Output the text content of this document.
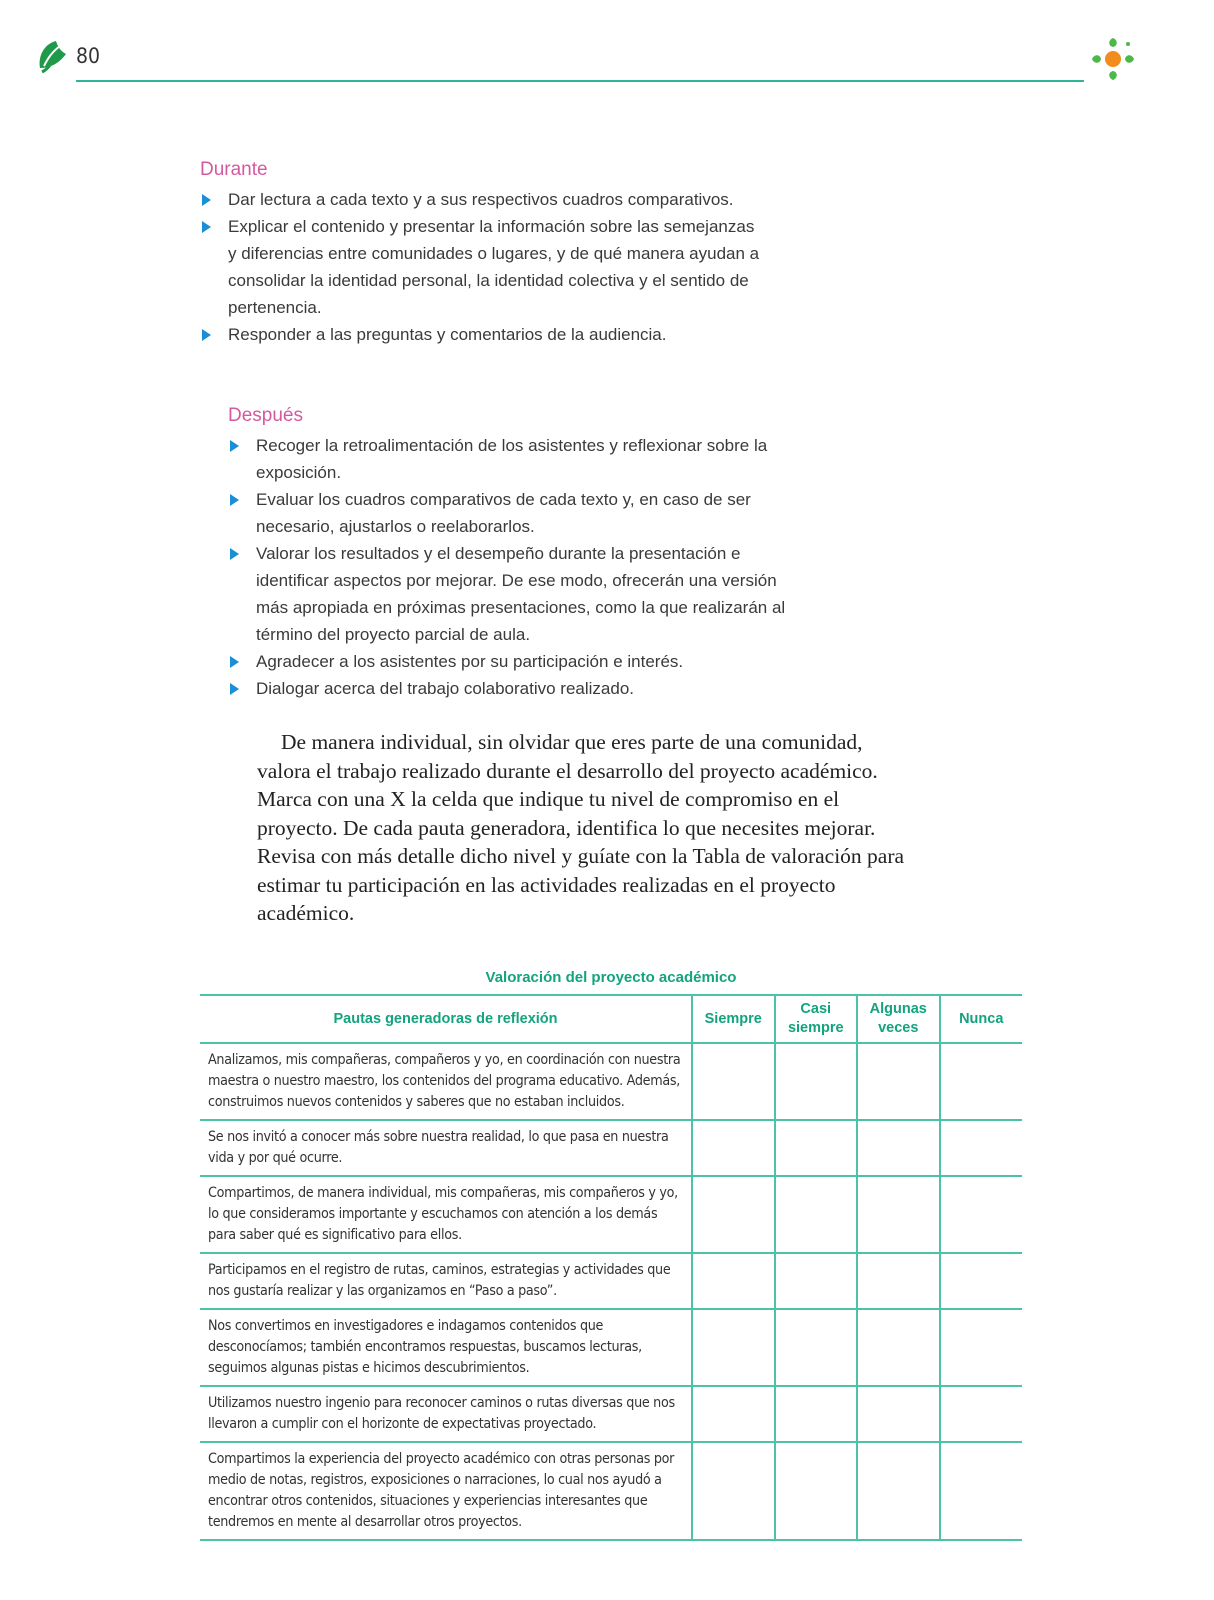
80
Durante
Dar lectura a cada texto y a sus respectivos cuadros comparativos.
Explicar el contenido y presentar la información sobre las semejanzas y diferencias entre comunidades o lugares, y de qué manera ayudan a consolidar la identidad personal, la identidad colectiva y el sentido de pertenencia.
Responder a las preguntas y comentarios de la audiencia.
Después
Recoger la retroalimentación de los asistentes y reflexionar sobre la exposición.
Evaluar los cuadros comparativos de cada texto y, en caso de ser necesario, ajustarlos o reelaborarlos.
Valorar los resultados y el desempeño durante la presentación e identificar aspectos por mejorar. De ese modo, ofrecerán una versión más apropiada en próximas presentaciones, como la que realizarán al término del proyecto parcial de aula.
Agradecer a los asistentes por su participación e interés.
Dialogar acerca del trabajo colaborativo realizado.

De manera individual, sin olvidar que eres parte de una comunidad, valora el trabajo realizado durante el desarrollo del proyecto académico. Marca con una X la celda que indique tu nivel de compromiso en el proyecto. De cada pauta generadora, identifica lo que necesites mejorar. Revisa con más detalle dicho nivel y guíate con la Tabla de valoración para estimar tu participación en las actividades realizadas en el proyecto académico.

Valoración del proyecto académico
Pautas generadoras de reflexión	Siempre	Casi siempre	Algunas veces	Nunca
Analizamos, mis compañeras, compañeros y yo, en coordinación con nuestra maestra o nuestro maestro, los contenidos del programa educativo. Además, construimos nuevos contenidos y saberes que no estaban incluidos.				
Se nos invitó a conocer más sobre nuestra realidad, lo que pasa en nuestra vida y por qué ocurre.				
Compartimos, de manera individual, mis compañeras, mis compañeros y yo, lo que consideramos importante y escuchamos con atención a los demás para saber qué es significativo para ellos.				
Participamos en el registro de rutas, caminos, estrategias y actividades que nos gustaría realizar y las organizamos en “Paso a paso”.				
Nos convertimos en investigadores e indagamos contenidos que desconocíamos; también encontramos respuestas, buscamos lecturas, seguimos algunas pistas e hicimos descubrimientos.				
Utilizamos nuestro ingenio para reconocer caminos o rutas diversas que nos llevaron a cumplir con el horizonte de expectativas proyectado.				
Compartimos la experiencia del proyecto académico con otras personas por medio de notas, registros, exposiciones o narraciones, lo cual nos ayudó a encontrar otros contenidos, situaciones y experiencias interesantes que tendremos en mente al desarrollar otros proyectos.				
